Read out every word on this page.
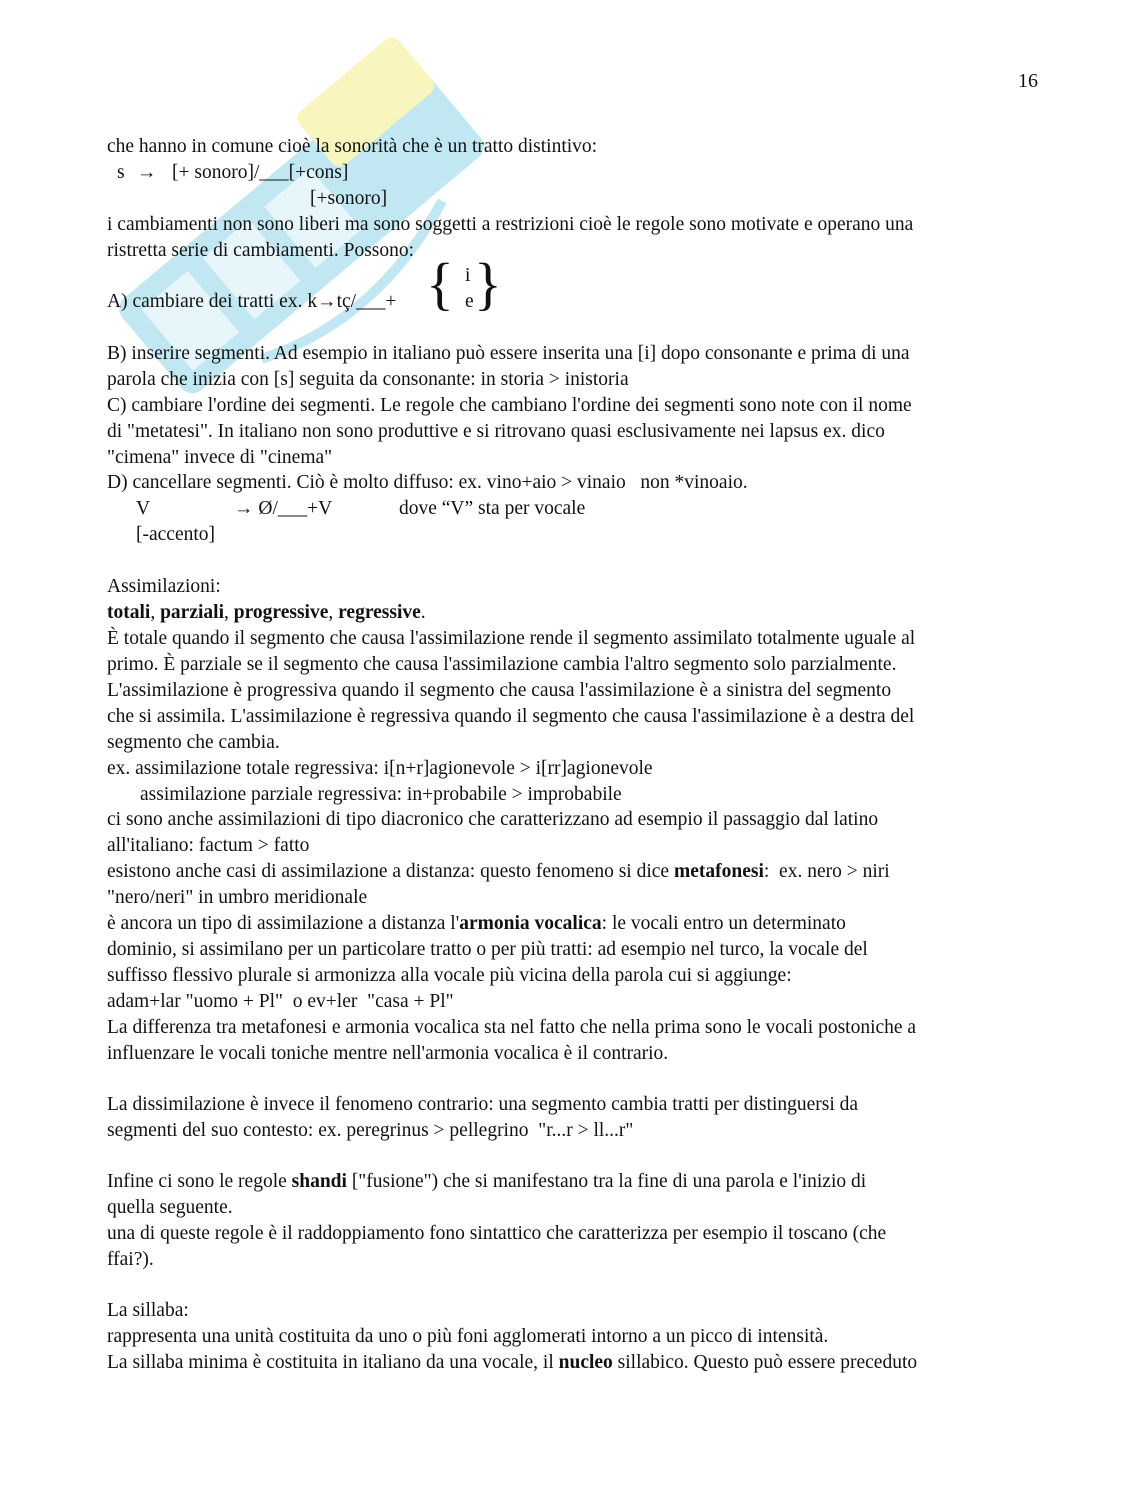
16
che hanno in comune cioè la sonorità che è un tratto distintivo:
s → [+ sonoro]/___[+cons]
[+sonoro]
i cambiamenti non sono liberi ma sono soggetti a restrizioni cioè le regole sono motivate e operano una
ristretta serie di cambiamenti. Possono:
A) cambiare dei tratti ex. k→tç/___+ { i
e }
B) inserire segmenti. Ad esempio in italiano può essere inserita una [i] dopo consonante e prima di una
parola che inizia con [s] seguita da consonante: in storia > inistoria
C) cambiare l'ordine dei segmenti. Le regole che cambiano l'ordine dei segmenti sono note con il nome
di "metatesi". In italiano non sono produttive e si ritrovano quasi esclusivamente nei lapsus ex. dico
"cimena" invece di "cinema"
D) cancellare segmenti. Ciò è molto diffuso: ex. vino+aio > vinaio   non *vinoaio.
V	→ Ø/___+V	dove “V” sta per vocale
[-accento]
Assimilazioni:
totali, parziali, progressive, regressive.
È totale quando il segmento che causa l'assimilazione rende il segmento assimilato totalmente uguale al
primo. È parziale se il segmento che causa l'assimilazione cambia l'altro segmento solo parzialmente.
L'assimilazione è progressiva quando il segmento che causa l'assimilazione è a sinistra del segmento
che si assimila. L'assimilazione è regressiva quando il segmento che causa l'assimilazione è a destra del
segmento che cambia.
ex. assimilazione totale regressiva: i[n+r]agionevole > i[rr]agionevole
assimilazione parziale regressiva: in+probabile > improbabile
ci sono anche assimilazioni di tipo diacronico che caratterizzano ad esempio il passaggio dal latino
all'italiano: factum > fatto
esistono anche casi di assimilazione a distanza: questo fenomeno si dice metafonesi:  ex. nero > niri
"nero/neri" in umbro meridionale
è ancora un tipo di assimilazione a distanza l'armonia vocalica: le vocali entro un determinato
dominio, si assimilano per un particolare tratto o per più tratti: ad esempio nel turco, la vocale del
suffisso flessivo plurale si armonizza alla vocale più vicina della parola cui si aggiunge:
adam+lar "uomo + Pl"  o ev+ler  "casa + Pl"
La differenza tra metafonesi e armonia vocalica sta nel fatto che nella prima sono le vocali postoniche a
influenzare le vocali toniche mentre nell'armonia vocalica è il contrario.
La dissimilazione è invece il fenomeno contrario: una segmento cambia tratti per distinguersi da
segmenti del suo contesto: ex. peregrinus > pellegrino  "r...r > ll...r"
Infine ci sono le regole shandi ["fusione") che si manifestano tra la fine di una parola e l'inizio di
quella seguente.
una di queste regole è il raddoppiamento fono sintattico che caratterizza per esempio il toscano (che
ffai?).
La sillaba:
rappresenta una unità costituita da uno o più foni agglomerati intorno a un picco di intensità.
La sillaba minima è costituita in italiano da una vocale, il nucleo sillabico. Questo può essere preceduto
